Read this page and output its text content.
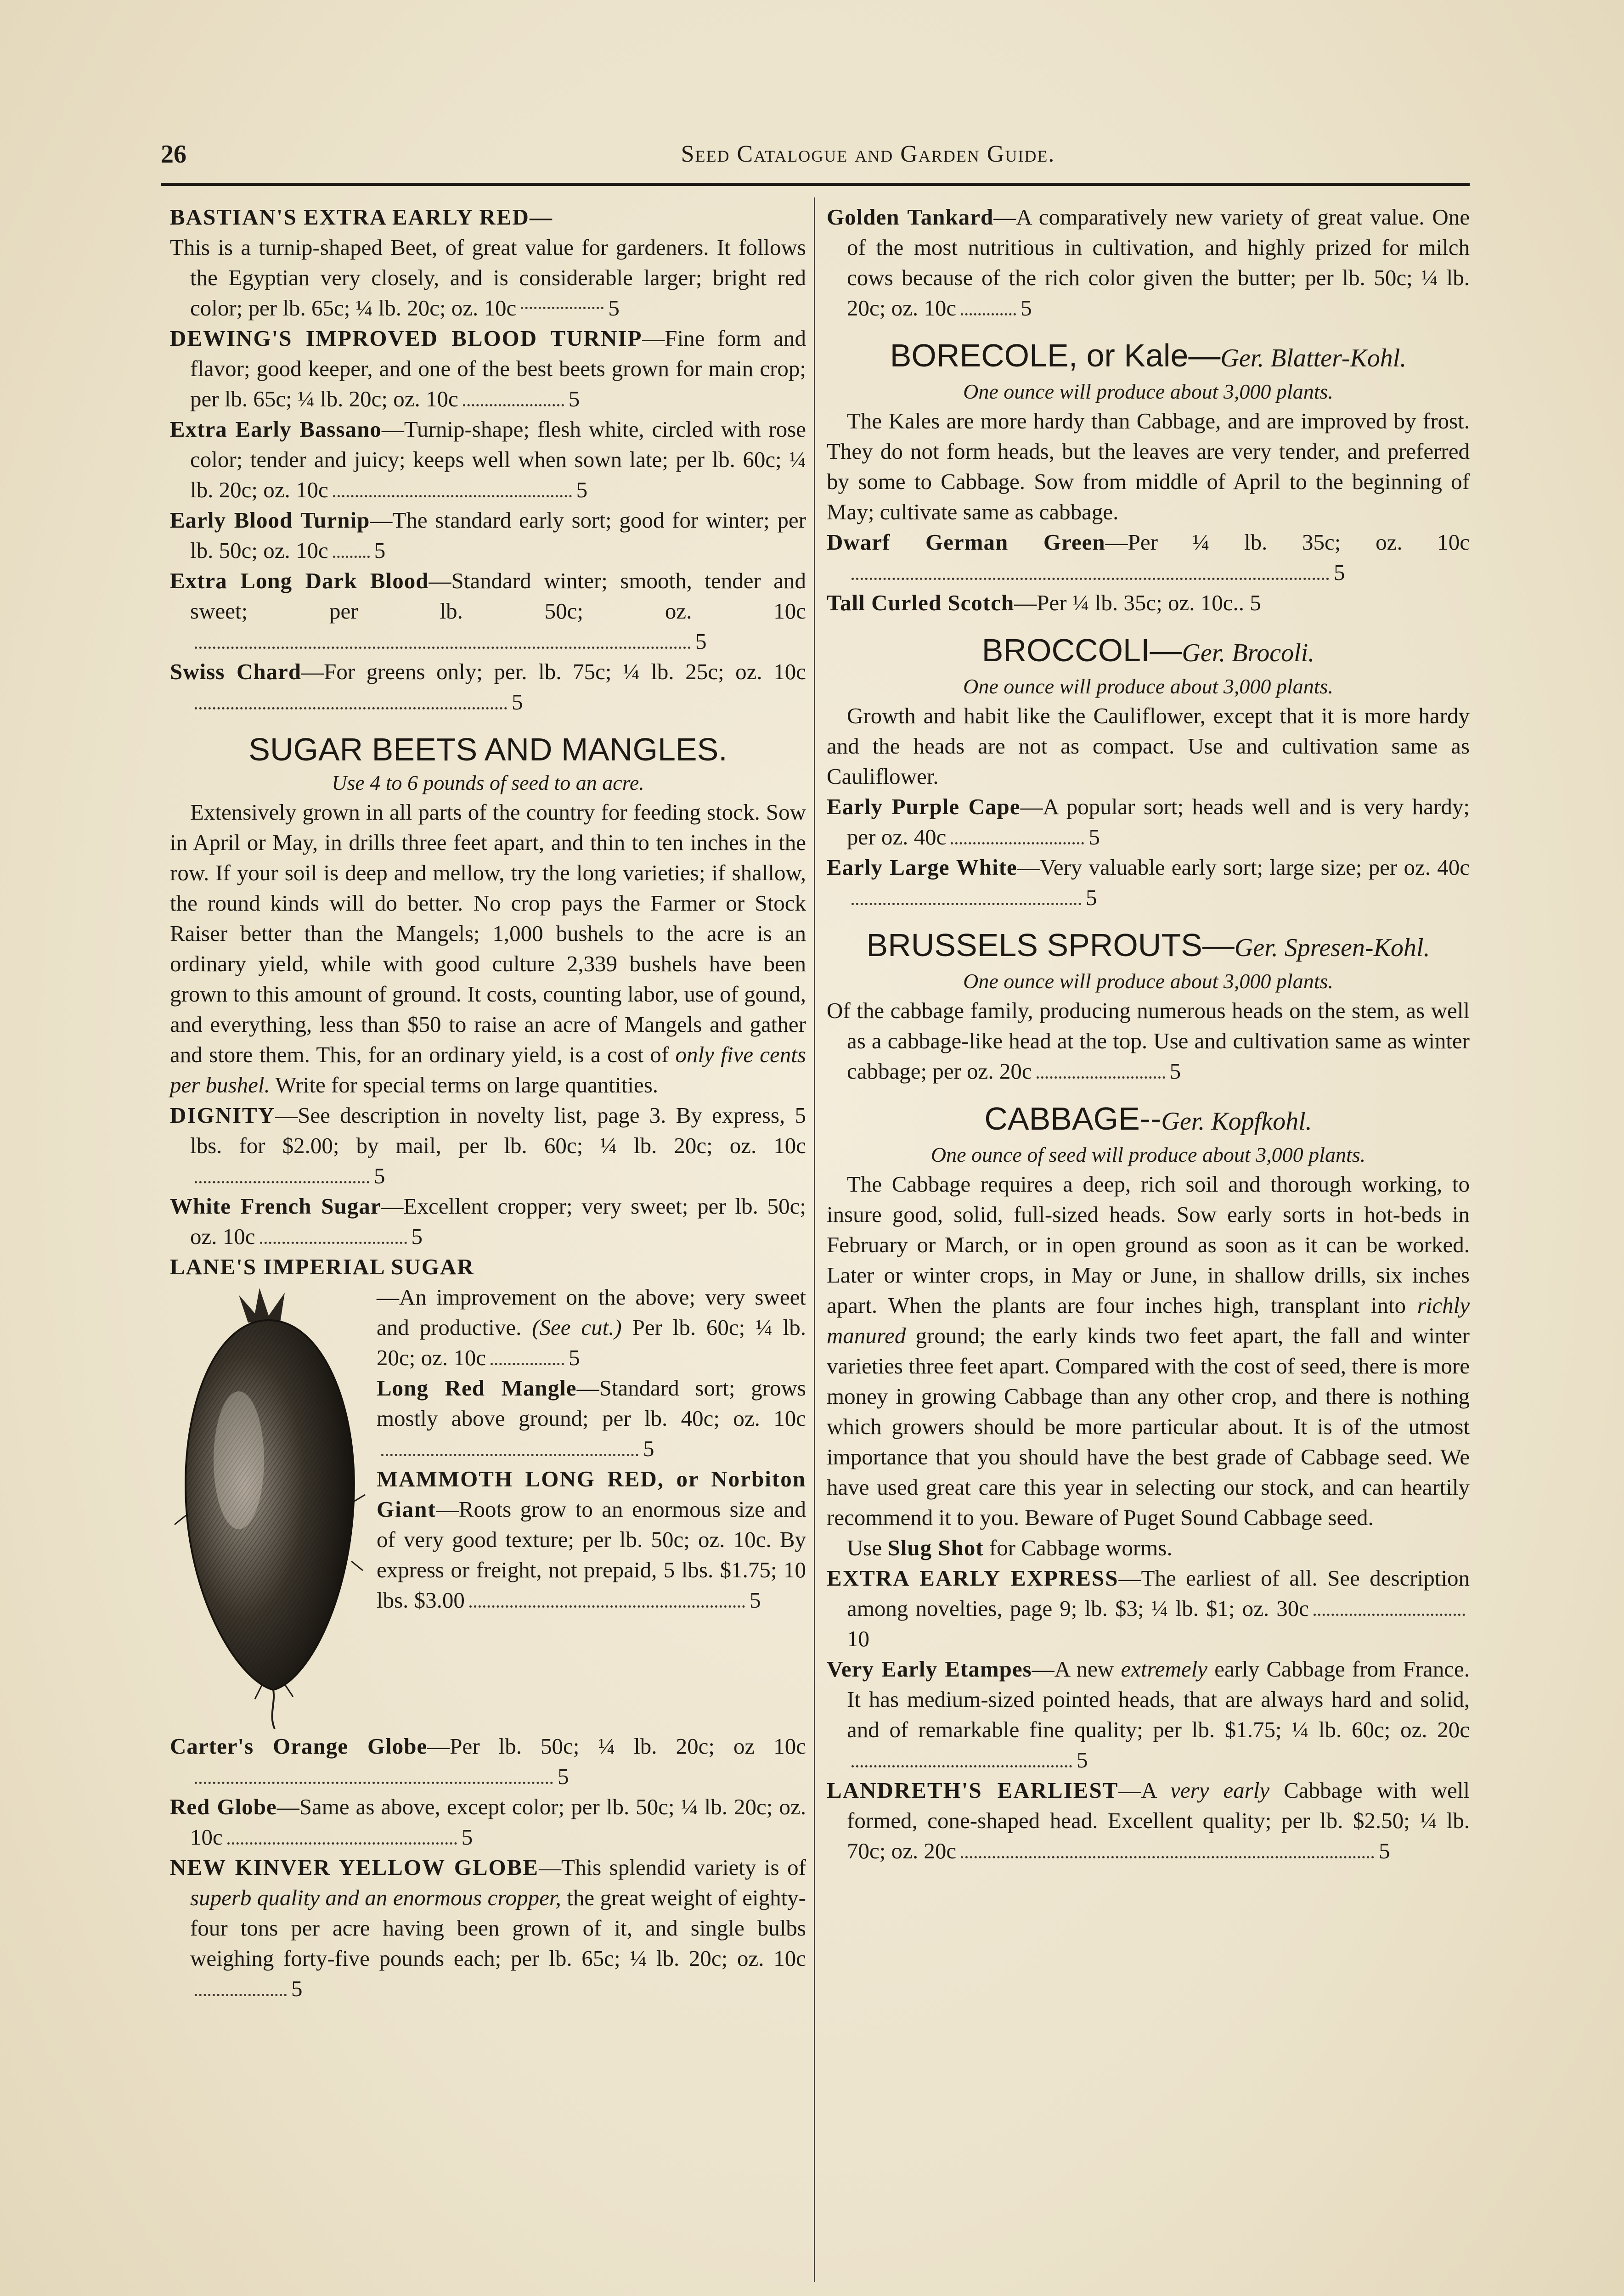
26	Seed Catalogue and Garden Guide.
BASTIAN'S EXTRA EARLY RED—
This is a turnip-shaped Beet, of great value for gardeners. It follows the Egyptian very closely, and is considerable larger; bright red color; per lb. 65c; ¼ lb. 20c; oz. 10c	5
DEWING'S IMPROVED BLOOD TURNIP—Fine form and flavor; good keeper, and one of the best beets grown for main crop; per lb. 65c; ¼ lb. 20c; oz. 10c	5
Extra Early Bassano—Turnip-shape; flesh white, circled with rose color; tender and juicy; keeps well when sown late; per lb. 60c; ¼ lb. 20c; oz. 10c	5
Early Blood Turnip—The standard early sort; good for winter; per lb. 50c; oz. 10c 5
Extra Long Dark Blood—Standard winter; smooth, tender and sweet; per lb. 50c; oz. 10c5
Swiss Chard—For greens only; per. lb. 75c; ¼ lb. 25c; oz. 10c5
SUGAR BEETS AND MANGLES.
Use 4 to 6 pounds of seed to an acre.
Extensively grown in all parts of the country for feeding stock. Sow in April or May, in drills three feet apart, and thin to ten inches in the row. If your soil is deep and mellow, try the long varieties; if shallow, the round kinds will do better. No crop pays the Farmer or Stock Raiser better than the Mangels; 1,000 bushels to the acre is an ordinary yield, while with good culture 2,339 bushels have been grown to this amount of ground. It costs, counting labor, use of gound, and everything, less than $50 to raise an acre of Mangels and gather and store them. This, for an ordinary yield, is a cost of only five cents per bushel. Write for special terms on large quantities.
DIGNITY—See description in novelty list, page 3. By express, 5 lbs. for $2.00; by mail, per lb. 60c; ¼ lb. 20c; oz. 10c5
White French Sugar—Excellent cropper; very sweet; per lb. 50c; oz. 10c	5
LANE'S IMPERIAL SUGAR
—An improvement on the above; very sweet and productive. (See cut.) Per lb. 60c; ¼ lb. 20c; oz. 10c	5
Long Red Mangle—Standard sort; grows mostly above ground; per lb. 40c; oz. 10c5
MAMMOTH LONG RED, or Norbiton Giant—Roots grow to an enormous size and of very good texture; per lb. 50c; oz. 10c. By express or freight, not prepaid, 5 lbs. $1.75; 10 lbs. $3.00	5
Carter's Orange Globe—Per lb. 50c; ¼ lb. 20c; oz 10c5
Red Globe—Same as above, except color; per lb. 50c; ¼ lb. 20c; oz. 10c	5
NEW KINVER YELLOW GLOBE—This splendid variety is of superb quality and an enormous cropper, the great weight of eighty-four tons per acre having been grown of it, and single bulbs weighing forty-five pounds each; per lb. 65c; ¼ lb. 20c; oz. 10c5
Golden Tankard—A comparatively new variety of great value. One of the most nutritious in cultivation, and highly prized for milch cows because of the rich color given the butter; per lb. 50c; ¼ lb. 20c; oz. 10c	5
BORECOLE, or Kale—Ger. Blatter-Kohl.
One ounce will produce about 3,000 plants.
The Kales are more hardy than Cabbage, and are improved by frost. They do not form heads, but the leaves are very tender, and preferred by some to Cabbage. Sow from middle of April to the beginning of May; cultivate same as cabbage.
Dwarf German Green—Per ¼ lb. 35c; oz. 10c5
Tall Curled Scotch—Per ¼ lb. 35c; oz. 10c.. 5
BROCCOLI—Ger. Brocoli.
One ounce will produce about 3,000 plants.
Growth and habit like the Cauliflower, except that it is more hardy and the heads are not as compact. Use and cultivation same as Cauliflower.
Early Purple Cape—A popular sort; heads well and is very hardy; per oz. 40c	5
Early Large White—Very valuable early sort; large size; per oz. 40c5
BRUSSELS SPROUTS—Ger. Spresen-Kohl.
One ounce will produce about 3,000 plants.
Of the cabbage family, producing numerous heads on the stem, as well as a cabbage-like head at the top. Use and cultivation same as winter cabbage; per oz. 20c	5
CABBAGE--Ger. Kopfkohl.
One ounce of seed will produce about 3,000 plants.
The Cabbage requires a deep, rich soil and thorough working, to insure good, solid, full-sized heads. Sow early sorts in hot-beds in February or March, or in open ground as soon as it can be worked. Later or winter crops, in May or June, in shallow drills, six inches apart. When the plants are four inches high, transplant into richly manured ground; the early kinds two feet apart, the fall and winter varieties three feet apart. Compared with the cost of seed, there is more money in growing Cabbage than any other crop, and there is nothing which growers should be more particular about. It is of the utmost importance that you should have the best grade of Cabbage seed. We have used great care this year in selecting our stock, and can heartily recommend it to you. Beware of Puget Sound Cabbage seed.
Use Slug Shot for Cabbage worms.
EXTRA EARLY EXPRESS—The earliest of all. See description among novelties, page 9; lb. $3; ¼ lb. $1; oz. 30c10
Very Early Etampes—A new extremely early Cabbage from France. It has medium-sized pointed heads, that are always hard and solid, and of remarkable fine quality; per lb. $1.75; ¼ lb. 60c; oz. 20c5
LANDRETH'S EARLIEST—A very early Cabbage with well formed, cone-shaped head. Excellent quality; per lb. $2.50; ¼ lb. 70c; oz. 20c	5
